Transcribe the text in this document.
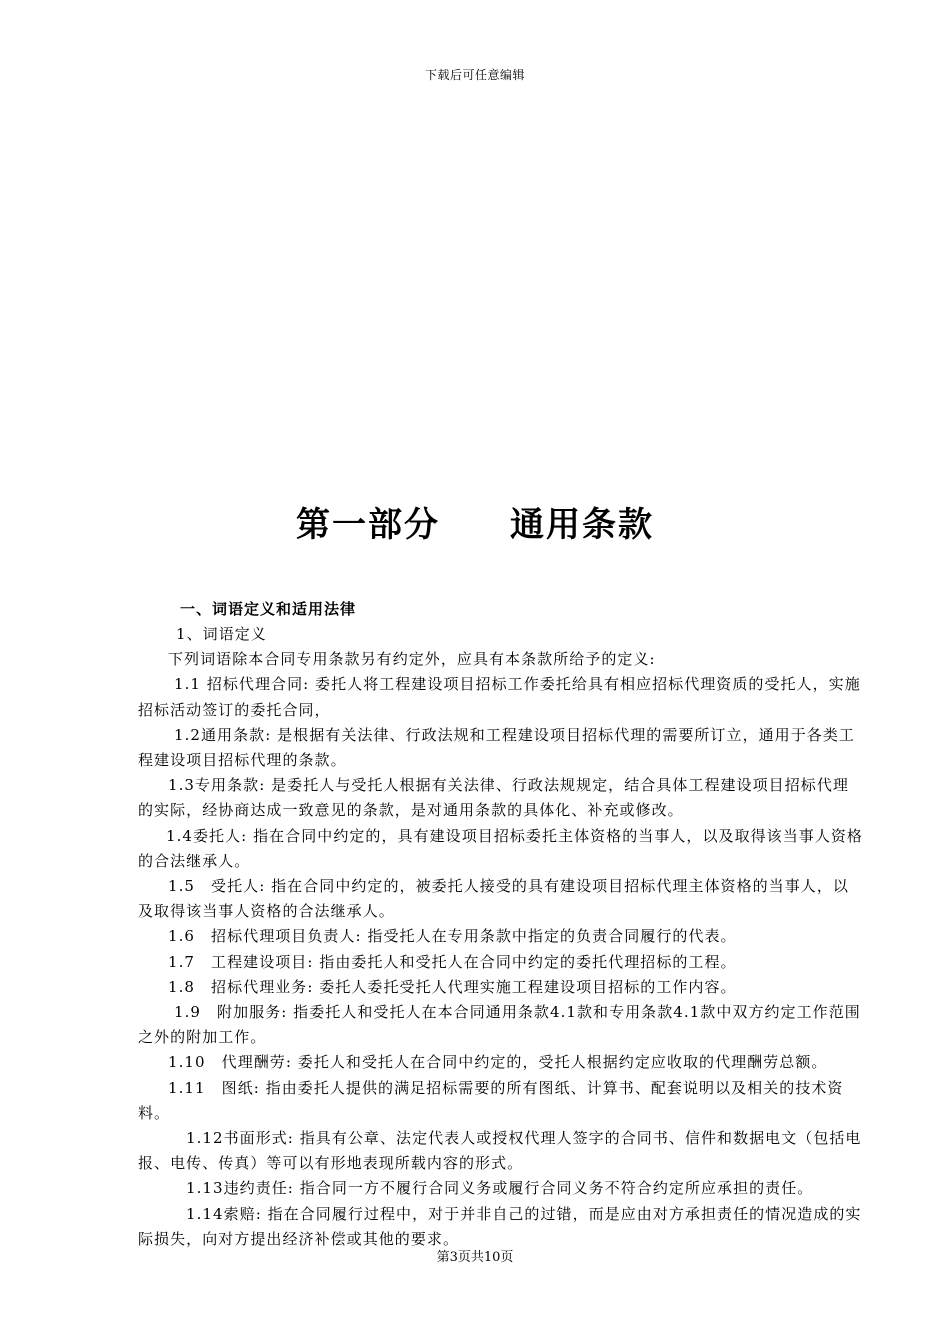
下载后可任意编辑
第一部分 通用条款
一、词语定义和适用法律

1、词语定义

下列词语除本合同专用条款另有约定外，应具有本条款所给予的定义:

1.1 招标代理合同: 委托人将工程建设项目招标工作委托给具有相应招标代理资质的受托人，实施招标活动签订的委托合同，

1.2通用条款: 是根据有关法律、行政法规和工程建设项目招标代理的需要所订立，通用于各类工程建设项目招标代理的条款。

1.3专用条款: 是委托人与受托人根据有关法律、行政法规规定，结合具体工程建设项目招标代理的实际，经协商达成一致意见的条款，是对通用条款的具体化、补充或修改。

1.4委托人: 指在合同中约定的，具有建设项目招标委托主体资格的当事人，以及取得该当事人资格的合法继承人。

1.5　受托人: 指在合同中约定的，被委托人接受的具有建设项目招标代理主体资格的当事人，以及取得该当事人资格的合法继承人。

1.6　招标代理项目负责人: 指受托人在专用条款中指定的负责合同履行的代表。

1.7　工程建设项目: 指由委托人和受托人在合同中约定的委托代理招标的工程。

1.8　招标代理业务: 委托人委托受托人代理实施工程建设项目招标的工作内容。

1.9　附加服务: 指委托人和受托人在本合同通用条款4.1款和专用条款4.1款中双方约定工作范围之外的附加工作。

1.10　代理酬劳: 委托人和受托人在合同中约定的，受托人根据约定应收取的代理酬劳总额。

1.11　图纸: 指由委托人提供的满足招标需要的所有图纸、计算书、配套说明以及相关的技术资料。

1.12书面形式: 指具有公章、法定代表人或授权代理人签字的合同书、信件和数据电文（包括电报、电传、传真）等可以有形地表现所载内容的形式。

1.13违约责任: 指合同一方不履行合同义务或履行合同义务不符合约定所应承担的责任。

1.14索赔: 指在合同履行过程中，对于并非自己的过错，而是应由对方承担责任的情况造成的实际损失，向对方提出经济补偿或其他的要求。

第3页共10页
